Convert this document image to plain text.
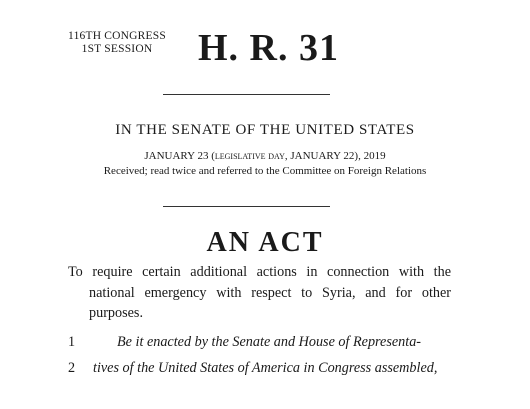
116TH CONGRESS
1ST SESSION	H. R. 31
IN THE SENATE OF THE UNITED STATES
JANUARY 23 (legislative day, JANUARY 22), 2019
Received; read twice and referred to the Committee on Foreign Relations
AN ACT
To require certain additional actions in connection with the national emergency with respect to Syria, and for other purposes.
1	Be it enacted by the Senate and House of Representa-
2	tives of the United States of America in Congress assembled,
